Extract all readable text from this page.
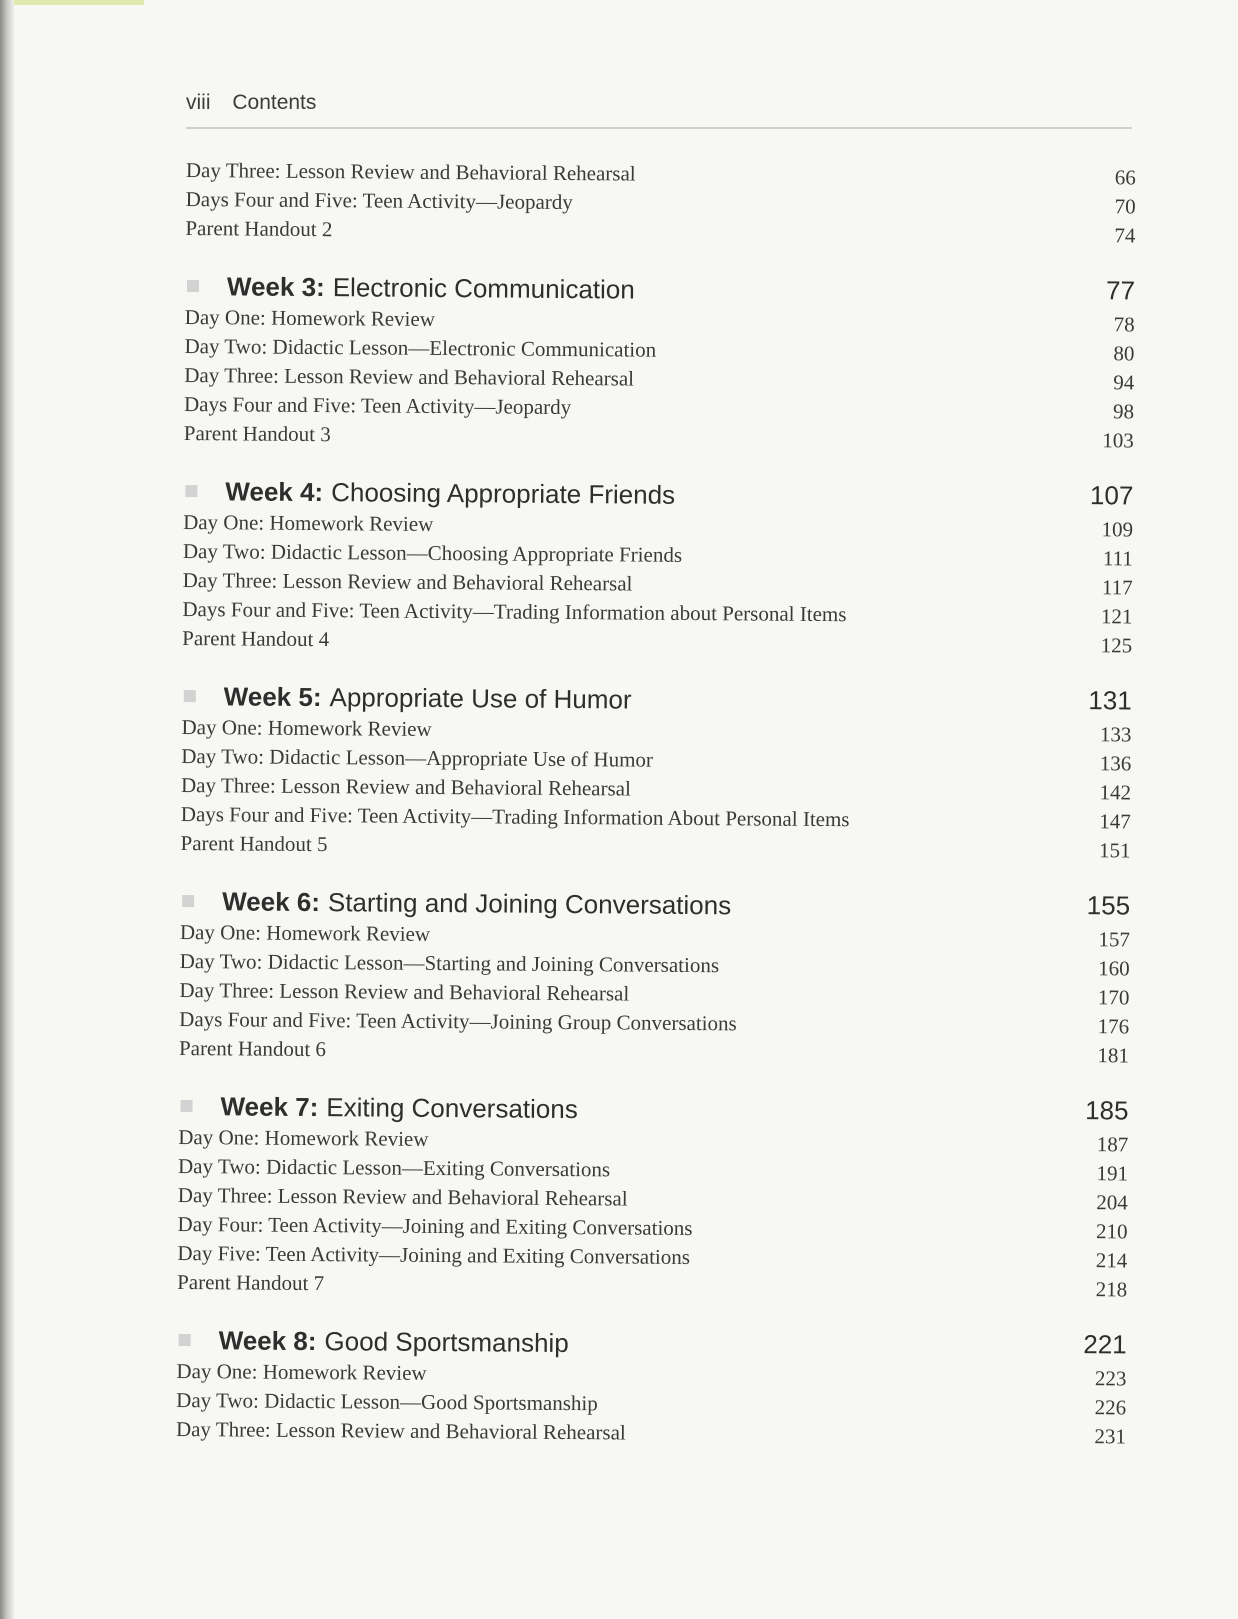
viii Contents
Day Three: Lesson Review and Behavioral Rehearsal	66
Days Four and Five: Teen Activity—Jeopardy	70
Parent Handout 2	74
Week 3: Electronic Communication	77
Day One: Homework Review	78
Day Two: Didactic Lesson—Electronic Communication	80
Day Three: Lesson Review and Behavioral Rehearsal	94
Days Four and Five: Teen Activity—Jeopardy	98
Parent Handout 3	103
Week 4: Choosing Appropriate Friends	107
Day One: Homework Review	109
Day Two: Didactic Lesson—Choosing Appropriate Friends	111
Day Three: Lesson Review and Behavioral Rehearsal	117
Days Four and Five: Teen Activity—Trading Information about Personal Items	121
Parent Handout 4	125
Week 5: Appropriate Use of Humor	131
Day One: Homework Review	133
Day Two: Didactic Lesson—Appropriate Use of Humor	136
Day Three: Lesson Review and Behavioral Rehearsal	142
Days Four and Five: Teen Activity—Trading Information About Personal Items	147
Parent Handout 5	151
Week 6: Starting and Joining Conversations	155
Day One: Homework Review	157
Day Two: Didactic Lesson—Starting and Joining Conversations	160
Day Three: Lesson Review and Behavioral Rehearsal	170
Days Four and Five: Teen Activity—Joining Group Conversations	176
Parent Handout 6	181
Week 7: Exiting Conversations	185
Day One: Homework Review	187
Day Two: Didactic Lesson—Exiting Conversations	191
Day Three: Lesson Review and Behavioral Rehearsal	204
Day Four: Teen Activity—Joining and Exiting Conversations	210
Day Five: Teen Activity—Joining and Exiting Conversations	214
Parent Handout 7	218
Week 8: Good Sportsmanship	221
Day One: Homework Review	223
Day Two: Didactic Lesson—Good Sportsmanship	226
Day Three: Lesson Review and Behavioral Rehearsal	231
